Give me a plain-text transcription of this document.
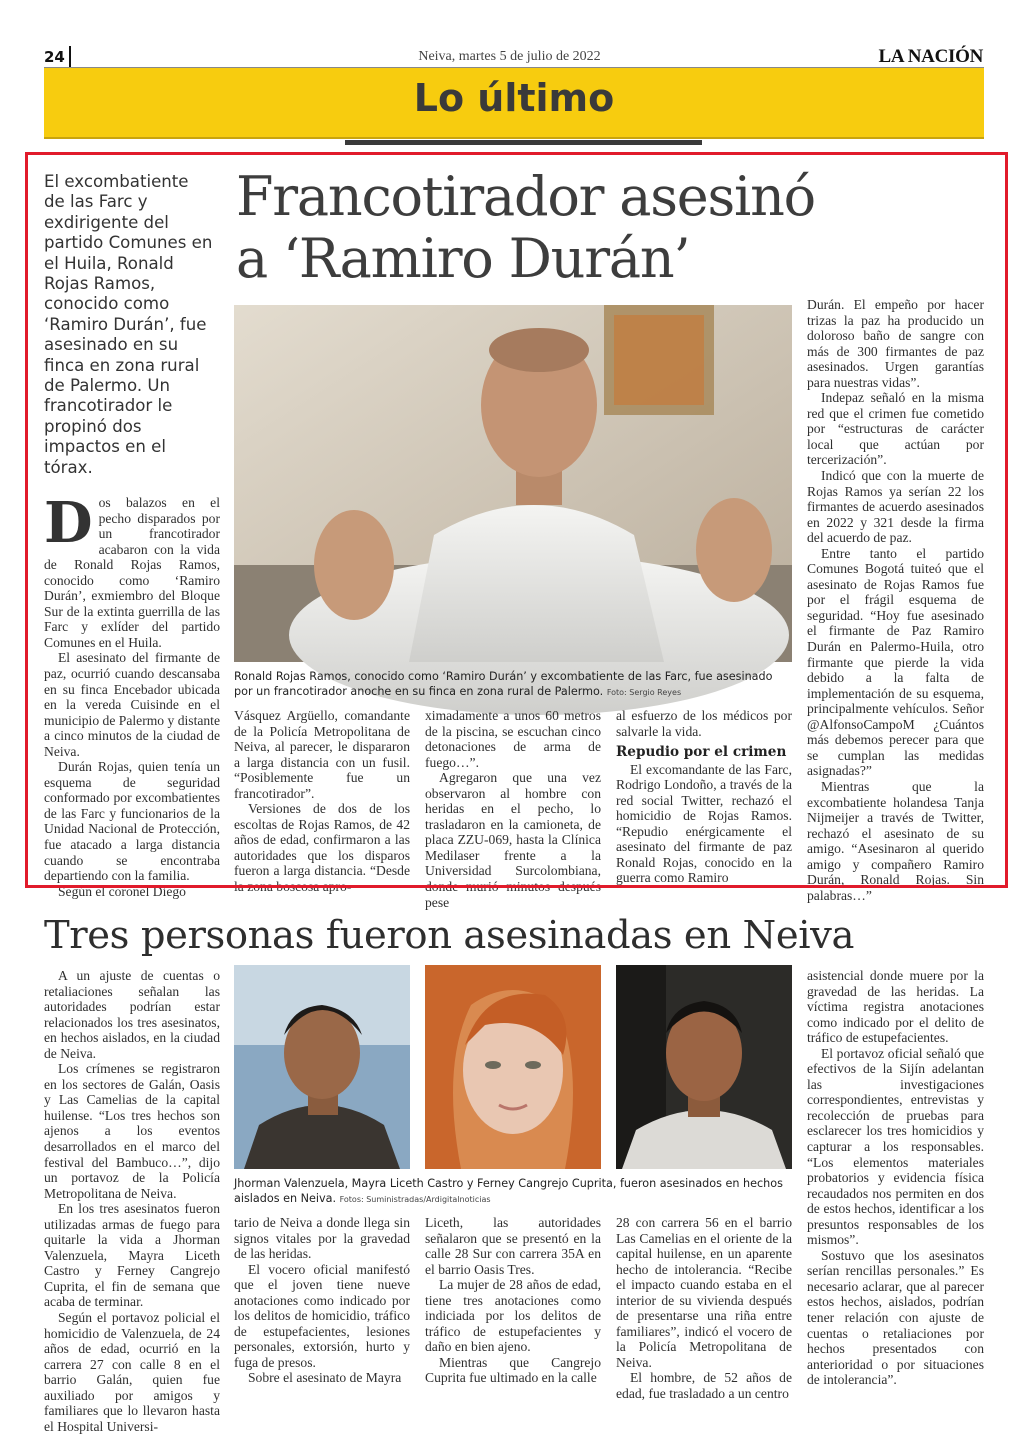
24	Neiva, martes 5 de julio de 2022	LA NACIÓN
Lo último
El excombatiente de las Farc y exdirigente del partido Comunes en el Huila, Ronald Rojas Ramos, conocido como ‘Ramiro Durán’, fue asesinado en su finca en zona rural de Palermo. Un francotirador le propinó dos impactos en el tórax.
Francotirador asesinó
a ‘Ramiro Durán’
D os balazos en el pecho disparados por un francotirador acabaron con la vida de Ronald Rojas Ramos, conocido como ‘Ramiro Durán’, exmiembro del Bloque Sur de la extinta guerrilla de las Farc y exlíder del partido Comunes en el Huila.

El asesinato del firmante de paz, ocurrió cuando descansaba en su finca Encebador ubicada en la vereda Cuisinde en el municipio de Palermo y distante a cinco minutos de la ciudad de Neiva.

Durán Rojas, quien tenía un esquema de seguridad conformado por excombatientes de las Farc y funcionarios de la Unidad Nacional de Protección, fue atacado a larga distancia cuando se encontraba departiendo con la familia.

Según el coronel Diego

Ronald Rojas Ramos, conocido como ‘Ramiro Durán’ y excombatiente de las Farc, fue asesinado por un francotirador anoche en su finca en zona rural de Palermo. Foto: Sergio Reyes

Vásquez Argüello, comandante de la Policía Metropolitana de Neiva, al parecer, le dispararon a larga distancia con un fusil. “Posiblemente fue un francotirador”.

Versiones de dos de los escoltas de Rojas Ramos, de 42 años de edad, confirmaron a las autoridades que los disparos fueron a larga distancia. “Desde la zona boscosa apro-

ximadamente a unos 60 metros de la piscina, se escuchan cinco detonaciones de arma de fuego…”.

Agregaron que una vez observaron al hombre con heridas en el pecho, lo trasladaron en la camioneta, de placa ZZU-069, hasta la Clínica Medilaser frente a la Universidad Surcolombiana, donde murió minutos después pese

al esfuerzo de los médicos por salvarle la vida.

Repudio por el crimen

El excomandante de las Farc, Rodrigo Londoño, a través de la red social Twitter, rechazó el homicidio de Rojas Ramos. “Repudio enérgicamente el asesinato del firmante de paz Ronald Rojas, conocido en la guerra como Ramiro

Durán. El empeño por hacer trizas la paz ha producido un doloroso baño de sangre con más de 300 firmantes de paz asesinados. Urgen garantías para nuestras vidas”.

Indepaz señaló en la misma red que el crimen fue cometido por “estructuras de carácter local que actúan por tercerización”.

Indicó que con la muerte de Rojas Ramos ya serían 22 los firmantes de acuerdo asesinados en 2022 y 321 desde la firma del acuerdo de paz.

Entre tanto el partido Comunes Bogotá tuiteó que el asesinato de Rojas Ramos fue por el frágil esquema de seguridad. “Hoy fue asesinado el firmante de Paz Ramiro Durán en Palermo-Huila, otro firmante que pierde la vida debido a la falta de implementación de su esquema, principalmente vehículos. Señor @AlfonsoCampoM ¿Cuántos más debemos perecer para que se cumplan las medidas asignadas?”

Mientras que la excombatiente holandesa Tanja Nijmeijer a través de Twitter, rechazó el asesinato de su amigo. “Asesinaron al querido amigo y compañero Ramiro Durán, Ronald Rojas. Sin palabras…”

Tres personas fueron asesinadas en Neiva

A un ajuste de cuentas o retaliaciones señalan las autoridades podrían estar relacionados los tres asesinatos, en hechos aislados, en la ciudad de Neiva.

Los crímenes se registraron en los sectores de Galán, Oasis y Las Camelias de la capital huilense. “Los tres hechos son ajenos a los eventos desarrollados en el marco del festival del Bambuco…”, dijo un portavoz de la Policía Metropolitana de Neiva.

En los tres asesinatos fueron utilizadas armas de fuego para quitarle la vida a Jhorman Valenzuela, Mayra Liceth Castro y Ferney Cangrejo Cuprita, el fin de semana que acaba de terminar.

Según el portavoz policial el homicidio de Valenzuela, de 24 años de edad, ocurrió en la carrera 27 con calle 8 en el barrio Galán, quien fue auxiliado por amigos y familiares que lo llevaron hasta el Hospital Universi-

Jhorman Valenzuela, Mayra Liceth Castro y Ferney Cangrejo Cuprita, fueron asesinados en hechos aislados en Neiva. Fotos: Suministradas/Ardigitalnoticias

tario de Neiva a donde llega sin signos vitales por la gravedad de las heridas.

El vocero oficial manifestó que el joven tiene nueve anotaciones como indicado por los delitos de homicidio, tráfico de estupefacientes, lesiones personales, extorsión, hurto y fuga de presos.

Sobre el asesinato de Mayra

Liceth, las autoridades señalaron que se presentó en la calle 28 Sur con carrera 35A en el barrio Oasis Tres.

La mujer de 28 años de edad, tiene tres anotaciones como indiciada por los delitos de tráfico de estupefacientes y daño en bien ajeno.

Mientras que Cangrejo Cuprita fue ultimado en la calle

28 con carrera 56 en el barrio Las Camelias en el oriente de la capital huilense, en un aparente hecho de intolerancia. “Recibe el impacto cuando estaba en el interior de su vivienda después de presentarse una riña entre familiares”, indicó el vocero de la Policía Metropolitana de Neiva.

El hombre, de 52 años de edad, fue trasladado a un centro

asistencial donde muere por la gravedad de las heridas. La víctima registra anotaciones como indicado por el delito de tráfico de estupefacientes.

El portavoz oficial señaló que efectivos de la Sijín adelantan las investigaciones correspondientes, entrevistas y recolección de pruebas para esclarecer los tres homicidios y capturar a los responsables. “Los elementos materiales probatorios y evidencia física recaudados nos permiten en dos de estos hechos, identificar a los presuntos responsables de los mismos”.

Sostuvo que los asesinatos serían rencillas personales.” Es necesario aclarar, que al parecer estos hechos, aislados, podrían tener relación con ajuste de cuentas o retaliaciones por hechos presentados con anterioridad o por situaciones de intolerancia”.
